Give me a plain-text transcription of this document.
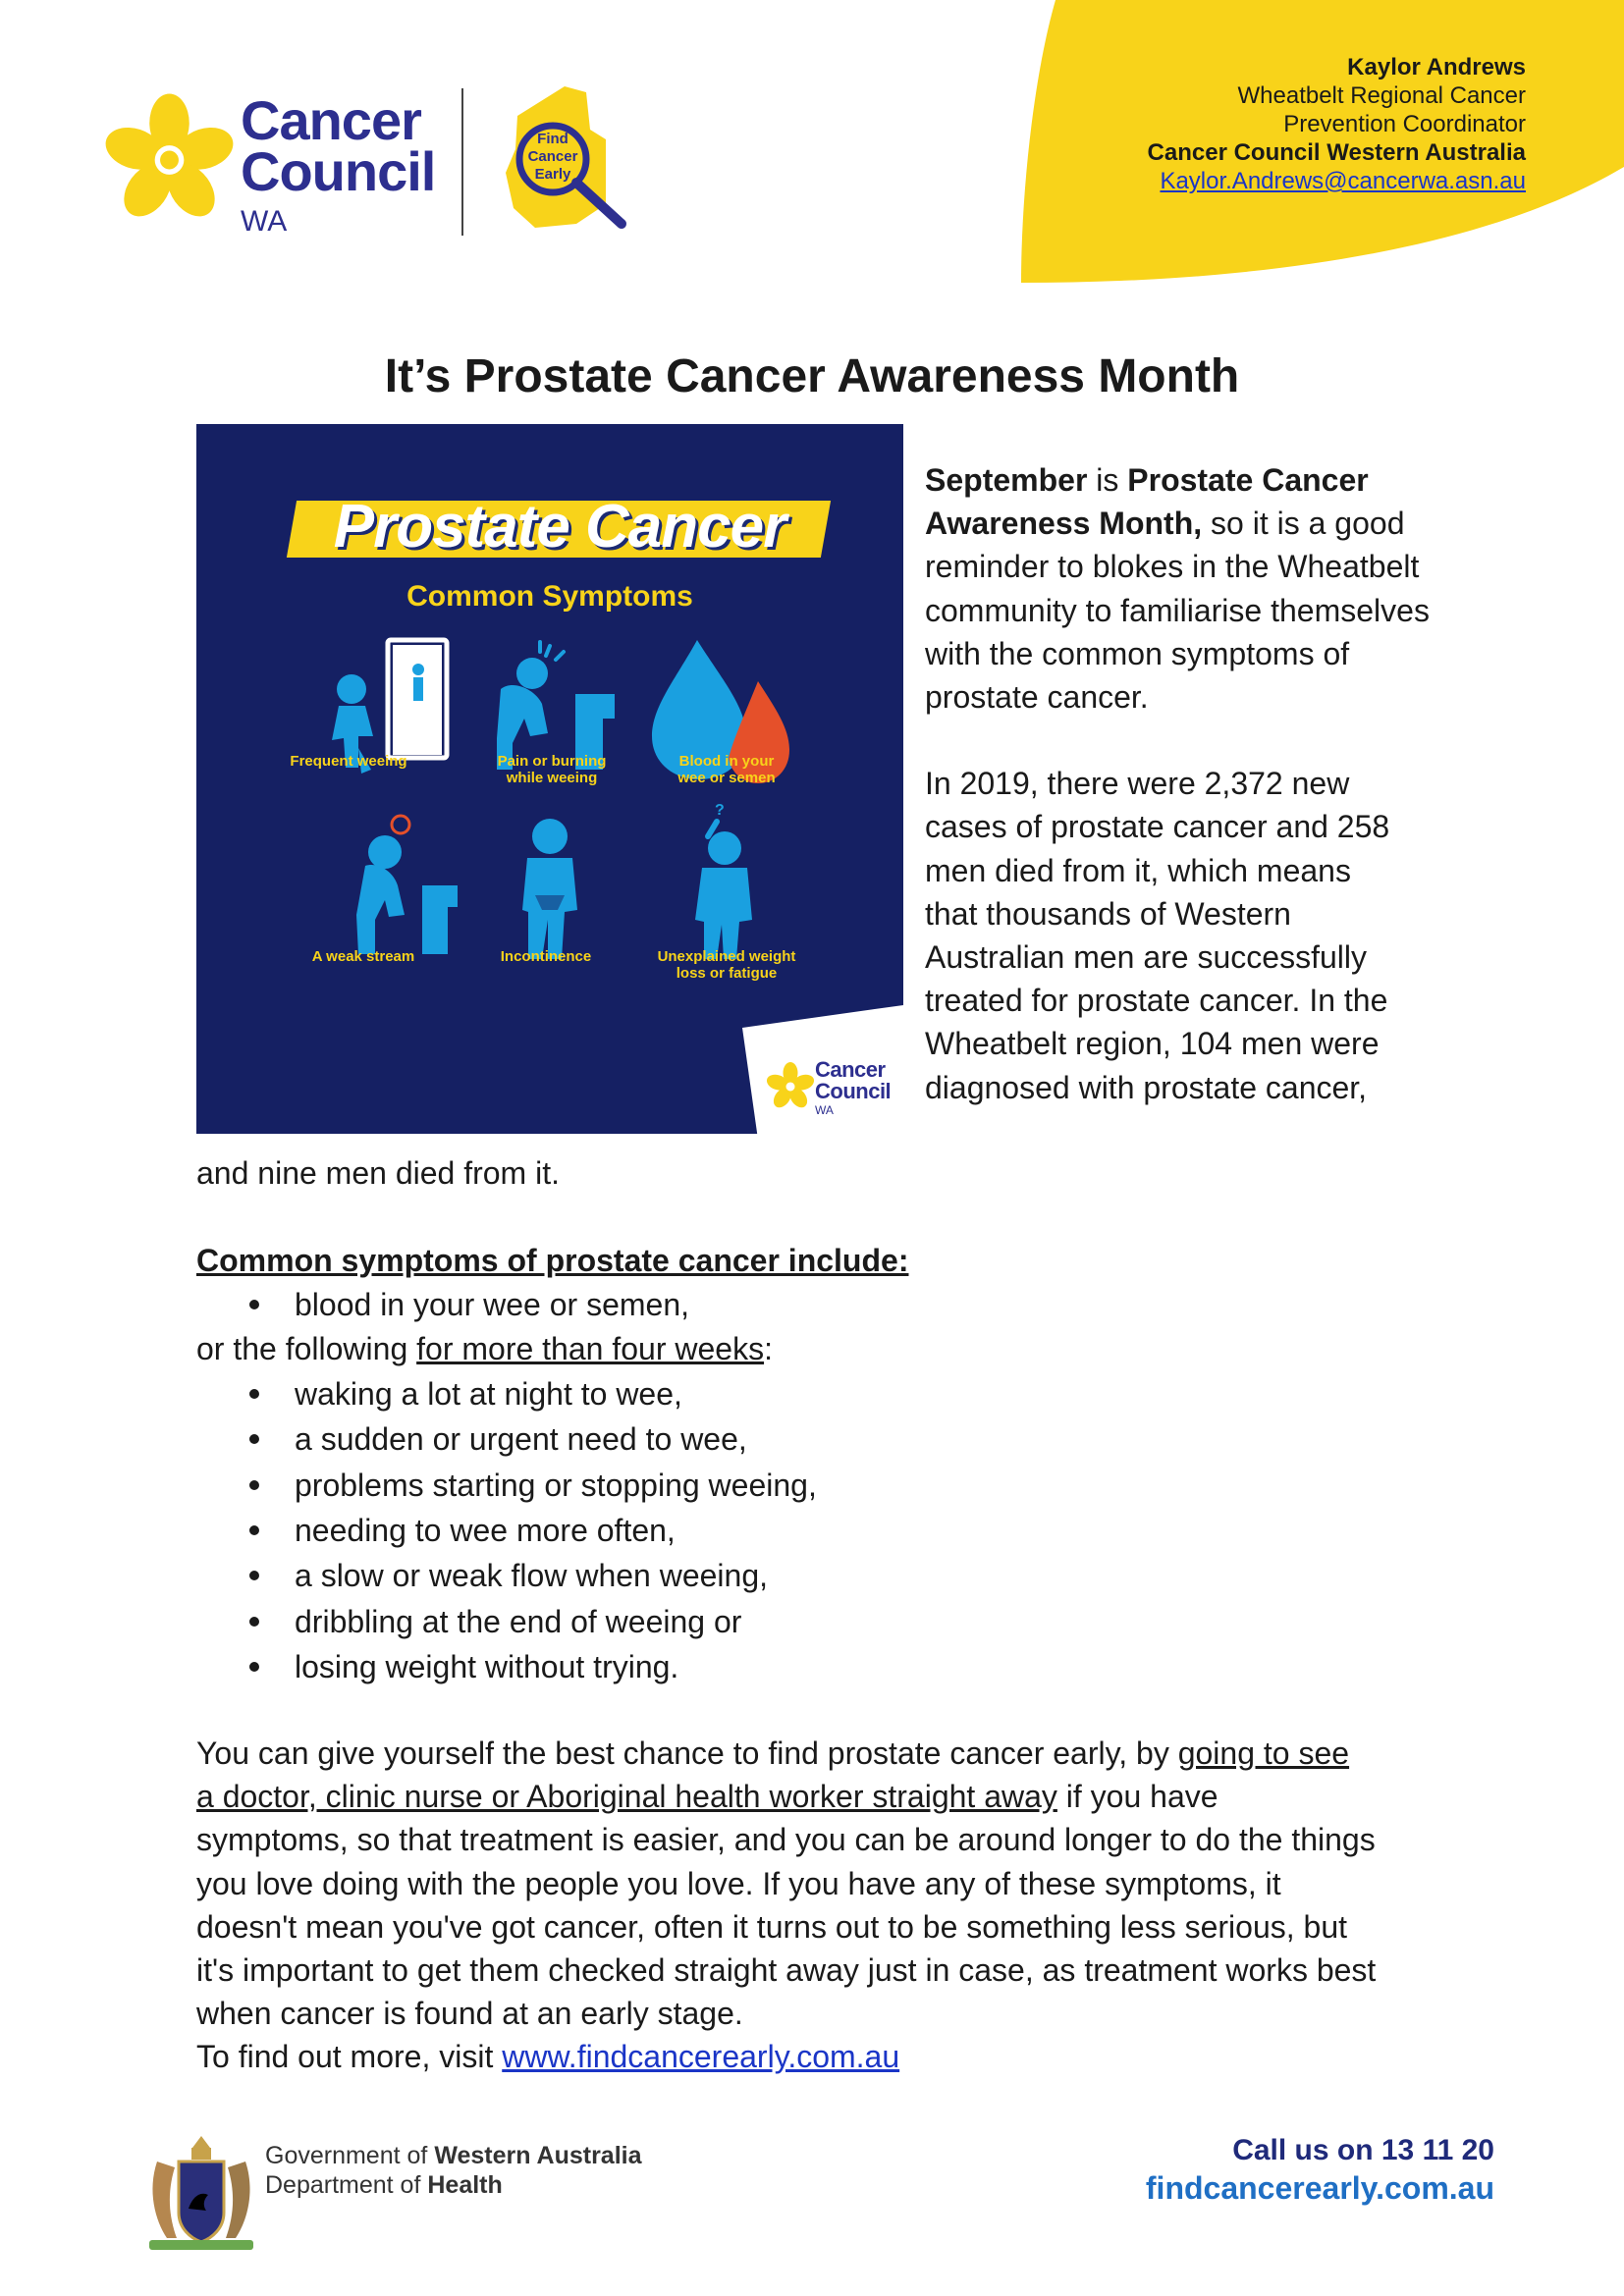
Cancer
Council
WA
Find
Cancer
Early
Kaylor Andrews
Wheatbelt Regional Cancer
Prevention Coordinator
Cancer Council Western Australia
Kaylor.Andrews@cancerwa.asn.au
It’s Prostate Cancer Awareness Month
Prostate Cancer
Common Symptoms
?
Frequent weeing	Pain or burning
while weeing
Blood in your
wee or semen
A weak stream	Incontinence	Unexplained weight
loss or fatigue
Cancer
Council
WA

September is Prostate Cancer Awareness Month, so it is a good reminder to blokes in the Wheatbelt community to familiarise themselves with the common symptoms of prostate cancer.

In 2019, there were 2,372 new
cases of prostate cancer and 258
men died from it, which means
that thousands of Western
Australian men are successfully
treated for prostate cancer. In the
Wheatbelt region, 104 men were
diagnosed with prostate cancer,

and nine men died from it.
Common symptoms of prostate cancer include:
blood in your wee or semen,
or the following for more than four weeks:
waking a lot at night to wee,
a sudden or urgent need to wee,
problems starting or stopping weeing,
needing to wee more often,
a slow or weak flow when weeing,
dribbling at the end of weeing or
losing weight without trying.

You can give yourself the best chance to find prostate cancer early, by going to see
a doctor, clinic nurse or Aboriginal health worker straight away if you have
symptoms, so that treatment is easier, and you can be around longer to do the things
you love doing with the people you love. If you have any of these symptoms, it
doesn't mean you've got cancer, often it turns out to be something less serious, but
it's important to get them checked straight away just in case, as treatment works best
when cancer is found at an early stage.
To find out more, visit www.findcancerearly.com.au

Government of Western Australia
Department of Health
Call us on 13 11 20
findcancerearly.com.au
